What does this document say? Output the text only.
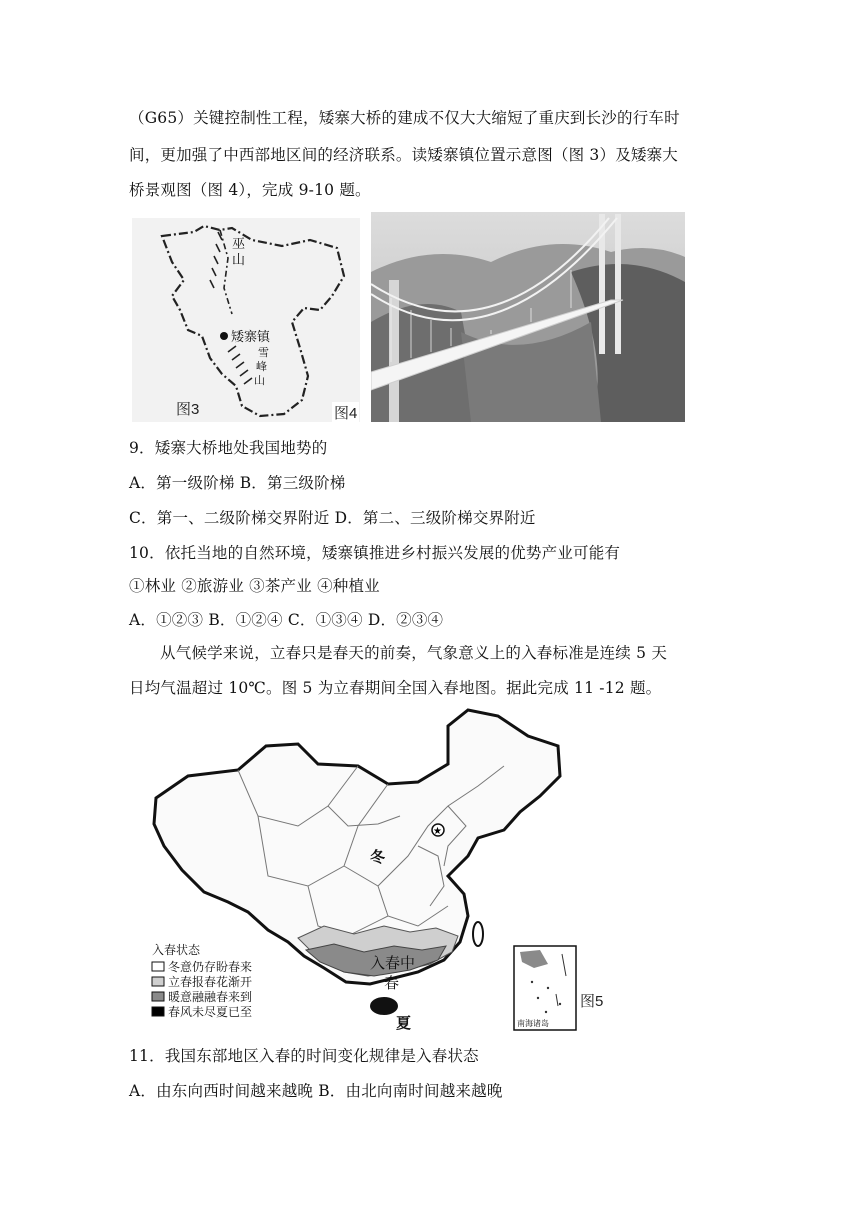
（G65）关键控制性工程，矮寨大桥的建成不仅大大缩短了重庆到长沙的行车时
间，更加强了中西部地区间的经济联系。读矮寨镇位置示意图（图 3）及矮寨大
桥景观图（图 4），完成 9-10 题。
巫
山
矮寨镇
雪
峰
山
图3	图4
9．矮寨大桥地处我国地势的
A．第一级阶梯 B．第三级阶梯
C．第一、二级阶梯交界附近 D．第二、三级阶梯交界附近
10．依托当地的自然环境，矮寨镇推进乡村振兴发展的优势产业可能有
①林业 ②旅游业 ③茶产业 ④种植业
A．①②③ B．①②④ C．①③④ D．②③④
从气候学来说，立春只是春天的前奏，气象意义上的入春标准是连续 5 天
日均气温超过 10℃。图 5 为立春期间全国入春地图。据此完成 11 -12 题。
★
冬
入春中
春
夏
入春状态
冬意仍存盼春来
立春报春花渐开
暖意融融春来到
春风未尽夏已至
南海诸岛
图5
11．我国东部地区入春的时间变化规律是入春状态
A．由东向西时间越来越晚 B．由北向南时间越来越晚
